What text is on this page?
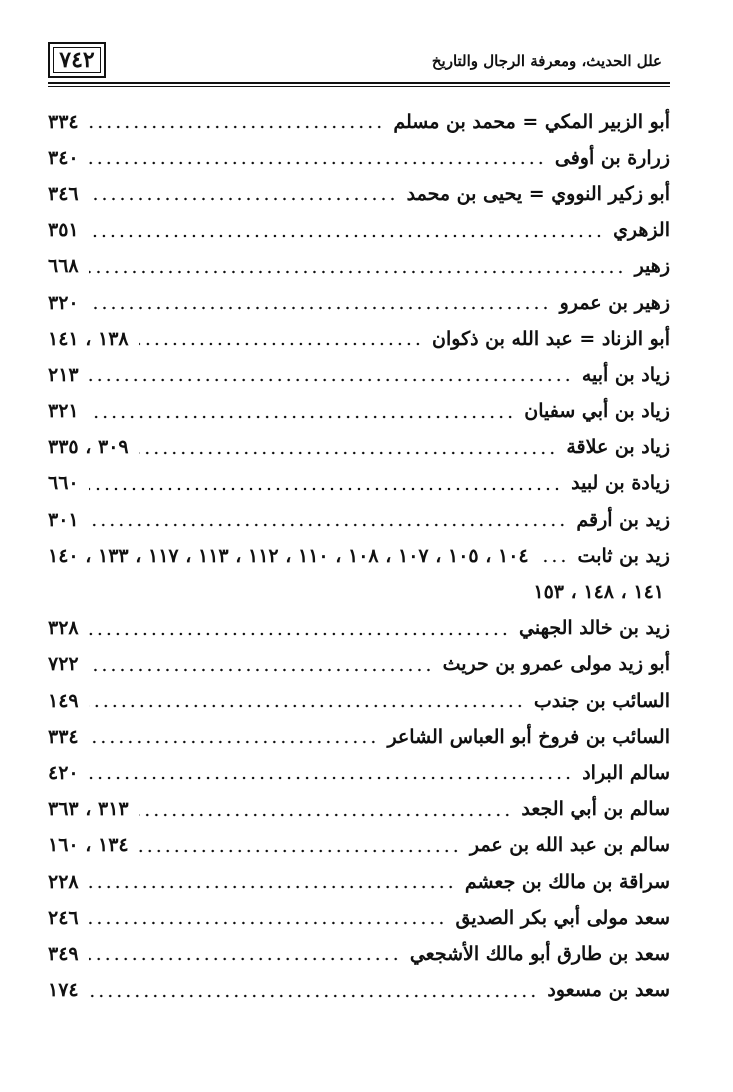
٧٤٢	علل الحديث، ومعرفة الرجال والتاريخ
أبو الزبير المكي = محمد بن مسلم
٣٣٤
زرارة بن أوفى
٣٤٠
أبو زكير النووي = يحيى بن محمد
٣٤٦
الزهري
٣٥١
زهير
٦٦٨
زهير بن عمرو
٣٢٠
أبو الزناد = عبد الله بن ذكوان
١٣٨ ، ١٤١
زياد بن أبيه
٢١٣
زياد بن أبي سفيان
٣٢١
زياد بن علاقة
٣٠٩ ، ٣٣٥
زيادة بن لبيد
٦٦٠
زيد بن أرقم
٣٠١
زيد بن ثابت
١٠٤ ، ١٠٥ ، ١٠٧ ، ١٠٨ ، ١١٠ ، ١١٢ ، ١١٣ ، ١١٧ ، ١٣٣ ، ١٤٠
١٤١ ، ١٤٨ ، ١٥٣
زيد بن خالد الجهني
٣٢٨
أبو زيد مولى عمرو بن حريث
٧٢٢
السائب بن جندب
١٤٩
السائب بن فروخ أبو العباس الشاعر
٣٣٤
سالم البراد
٤٢٠
سالم بن أبي الجعد
٣١٣ ، ٣٦٣
سالم بن عبد الله بن عمر
١٣٤ ، ١٦٠
سراقة بن مالك بن جعشم
٢٢٨
سعد مولى أبي بكر الصديق
٢٤٦
سعد بن طارق أبو مالك الأشجعي
٣٤٩
سعد بن مسعود
١٧٤
